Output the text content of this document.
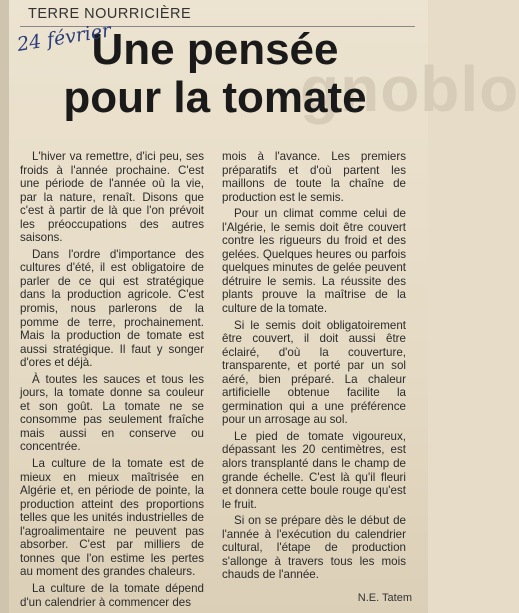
gnoblo
TERRE NOURRICIÈRE
Une pensée
pour la tomate
24 février

L'hiver va remettre, d'ici peu, ses froids à l'année prochaine. C'est une période de l'année où la vie, par la nature, renaît. Disons que c'est à partir de là que l'on prévoit les préoccupations des autres saisons.

Dans l'ordre d'importance des cultures d'été, il est obligatoire de parler de ce qui est stratégique dans la production agricole. C'est promis, nous parlerons de la pomme de terre, prochainement. Mais la production de tomate est aussi stratégique. Il faut y songer d'ores et déjà.

À toutes les sauces et tous les jours, la tomate donne sa couleur et son goût. La tomate ne se consomme pas seulement fraîche mais aussi en conserve ou concentrée.

La culture de la tomate est de mieux en mieux maîtrisée en Algérie et, en période de pointe, la production atteint des proportions telles que les unités industrielles de l'agroalimentaire ne peuvent pas absorber. C'est par milliers de tonnes que l'on estime les pertes au moment des grandes chaleurs.

La culture de la tomate dépend d'un calendrier à commencer des

mois à l'avance. Les premiers préparatifs et d'où partent les maillons de toute la chaîne de production est le semis.

Pour un climat comme celui de l'Algérie, le semis doit être couvert contre les rigueurs du froid et des gelées. Quelques heures ou parfois quelques minutes de gelée peuvent détruire le semis. La réussite des plants prouve la maîtrise de la culture de la tomate.

Si le semis doit obligatoirement être couvert, il doit aussi être éclairé, d'où la couverture, transparente, et porté par un sol aéré, bien préparé. La chaleur artificielle obtenue facilite la germination qui a une préférence pour un arrosage au sol.

Le pied de tomate vigoureux, dépassant les 20 centimètres, est alors transplanté dans le champ de grande échelle. C'est là qu'il fleuri et donnera cette boule rouge qu'est le fruit.

Si on se prépare dès le début de l'année à l'exécution du calendrier cultural, l'étape de production s'allonge à travers tous les mois chauds de l'année.

N.E. Tatem
